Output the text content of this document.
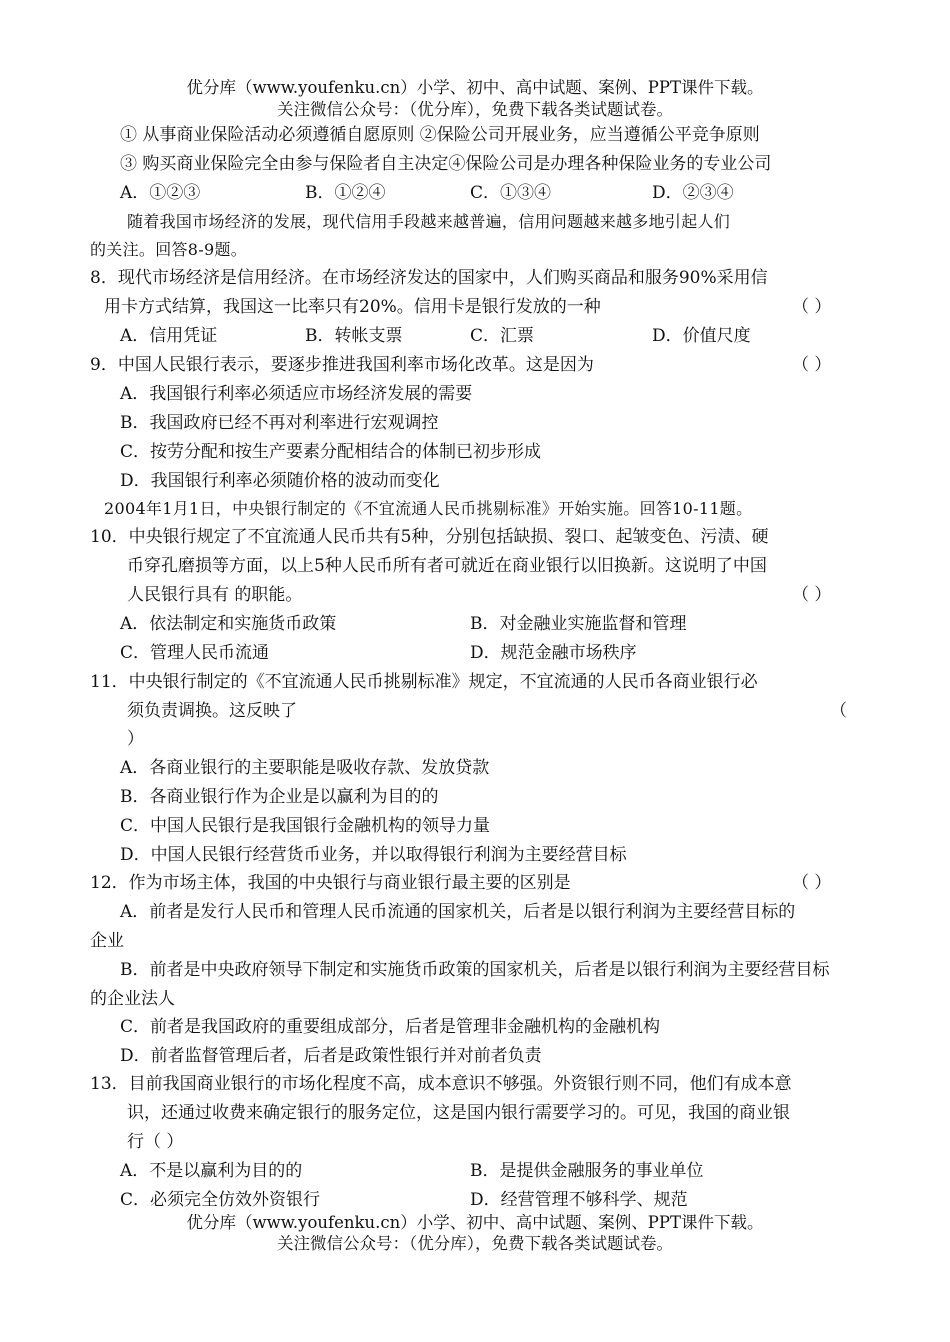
优分库（www.youfenku.cn）小学、初中、高中试题、案例、PPT课件下载。
关注微信公众号：（优分库），免费下载各类试题试卷。
① 从事商业保险活动必须遵循自愿原则 ②保险公司开展业务，应当遵循公平竞争原则
③ 购买商业保险完全由参与保险者自主决定④保险公司是办理各种保险业务的专业公司
A．①②③	B．①②④	C．①③④	D．②③④
随着我国市场经济的发展，现代信用手段越来越普遍，信用问题越来越多地引起人们
的关注。回答8-9题。
8．现代市场经济是信用经济。在市场经济发达的国家中，人们购买商品和服务90%采用信
用卡方式结算，我国这一比率只有20%。信用卡是银行发放的一种	（ ）
A．信用凭证	B．转帐支票	C．汇票	D．价值尺度
9．中国人民银行表示，要逐步推进我国利率市场化改革。这是因为	（ ）
A．我国银行利率必须适应市场经济发展的需要
B．我国政府已经不再对利率进行宏观调控
C．按劳分配和按生产要素分配相结合的体制已初步形成
D．我国银行利率必须随价格的波动而变化
2004年1月1日，中央银行制定的《不宜流通人民币挑剔标准》开始实施。回答10-11题。
10．中央银行规定了不宜流通人民币共有5种，分别包括缺损、裂口、起皱变色、污渍、硬
币穿孔磨损等方面，以上5种人民币所有者可就近在商业银行以旧换新。这说明了中国
人民银行具有 的职能。	（ ）
A．依法制定和实施货币政策	B．对金融业实施监督和管理
C．管理人民币流通	D．规范金融市场秩序
11．中央银行制定的《不宜流通人民币挑剔标准》规定，不宜流通的人民币各商业银行必
须负责调换。这反映了	（
）
A．各商业银行的主要职能是吸收存款、发放贷款
B．各商业银行作为企业是以赢利为目的的
C．中国人民银行是我国银行金融机构的领导力量
D．中国人民银行经营货币业务，并以取得银行利润为主要经营目标
12．作为市场主体，我国的中央银行与商业银行最主要的区别是	（ ）
A．前者是发行人民币和管理人民币流通的国家机关，后者是以银行利润为主要经营目标的
企业
B．前者是中央政府领导下制定和实施货币政策的国家机关，后者是以银行利润为主要经营目标
的企业法人
C．前者是我国政府的重要组成部分，后者是管理非金融机构的金融机构
D．前者监督管理后者，后者是政策性银行并对前者负责
13．目前我国商业银行的市场化程度不高，成本意识不够强。外资银行则不同，他们有成本意
识，还通过收费来确定银行的服务定位，这是国内银行需要学习的。可见，我国的商业银
行（ ）
A．不是以赢利为目的的	B．是提供金融服务的事业单位
C．必须完全仿效外资银行	D．经营管理不够科学、规范
优分库（www.youfenku.cn）小学、初中、高中试题、案例、PPT课件下载。
关注微信公众号：（优分库），免费下载各类试题试卷。
